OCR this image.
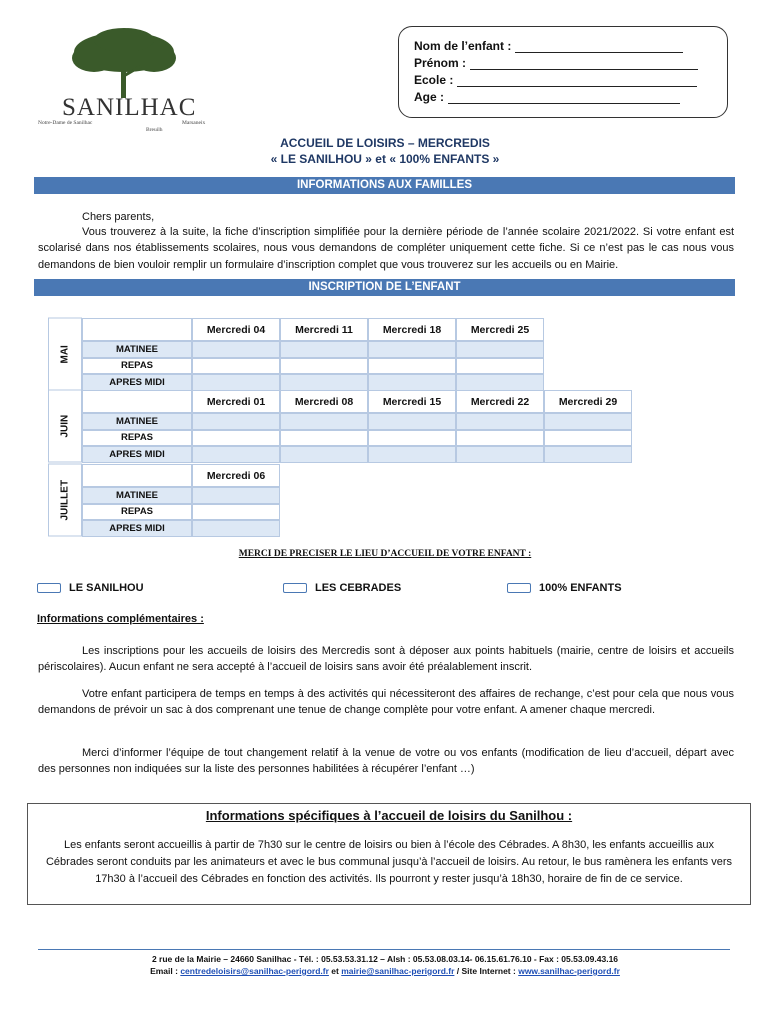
SANILHAC
Notre-Dame de Sanilhac	Marsaneix
Breuilh
Nom de l’enfant :
Prénom :
Ecole :
Age :
ACCUEIL DE LOISIRS – MERCREDIS
« LE SANILHOU » et « 100% ENFANTS »
INFORMATIONS AUX FAMILLES
Chers parents,
Vous trouverez à la suite, la fiche d’inscription simplifiée pour la dernière période de l’année scolaire 2021/2022. Si votre enfant est scolarisé dans nos établissements scolaires, nous vous demandons de compléter uniquement cette fiche. Si ce n’est pas le cas nous vous demandons de bien vouloir remplir un formulaire d’inscription complet que vous trouverez sur les accueils ou en Mairie.
INSCRIPTION DE L’ENFANT
MAI
Mercredi 04	Mercredi 11	Mercredi 18	Mercredi 25
MATINEE
REPAS
APRES MIDI
JUIN
Mercredi 01	Mercredi 08	Mercredi 15	Mercredi 22	Mercredi 29
MATINEE
REPAS
APRES MIDI
JUILLET
Mercredi 06
MATINEE
REPAS
APRES MIDI
MERCI DE PRECISER LE LIEU D’ACCUEIL DE VOTRE ENFANT :
LE SANILHOU	LES CEBRADES	100% ENFANTS
Informations complémentaires :
Les inscriptions pour les accueils de loisirs des Mercredis sont à déposer aux points habituels (mairie, centre de loisirs et accueils périscolaires). Aucun enfant ne sera accepté à l’accueil de loisirs sans avoir été préalablement inscrit.
Votre enfant participera de temps en temps à des activités qui nécessiteront des affaires de rechange, c’est pour cela que nous vous demandons de prévoir un sac à dos comprenant une tenue de change complète pour votre enfant. A amener chaque mercredi.
Merci d’informer l’équipe de tout changement relatif à la venue de votre ou vos enfants (modification de lieu d’accueil, départ avec des personnes non indiquées sur la liste des personnes habilitées à récupérer l’enfant …)
Informations spécifiques à l’accueil de loisirs du Sanilhou :
Les enfants seront accueillis à partir de 7h30 sur le centre de loisirs ou bien à l’école des Cébrades. A 8h30, les enfants accueillis aux Cébrades seront conduits par les animateurs et avec le bus communal jusqu’à l’accueil de loisirs. Au retour, le bus ramènera les enfants vers 17h30 à l’accueil des Cébrades en fonction des activités. Ils pourront y rester jusqu’à 18h30, horaire de fin de ce service.
2 rue de la Mairie – 24660 Sanilhac - Tél. : 05.53.53.31.12 – Alsh : 05.53.08.03.14- 06.15.61.76.10 - Fax : 05.53.09.43.16
Email : centredeloisirs@sanilhac-perigord.fr et mairie@sanilhac-perigord.fr / Site Internet : www.sanilhac-perigord.fr
